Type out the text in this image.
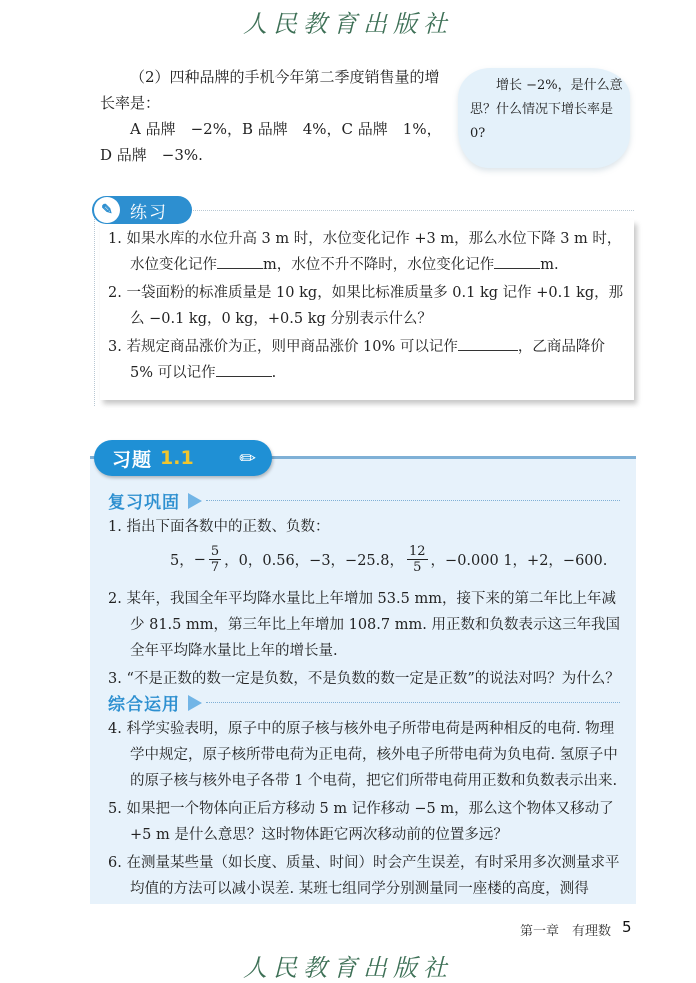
人民教育出版社

（2）四种品牌的手机今年第二季度销售量的增长率是：

A 品牌　−2%，B 品牌　4%，C 品牌　1%，D 品牌　−3%.

增长 −2%，是什么意思？什么情况下增长率是 0?
✎	练习

1. 如果水库的水位升高 3 m 时，水位变化记作 +3 m，那么水位下降 3 m 时，水位变化记作	m，水位不升不降时，水位变化记作	m.

2. 一袋面粉的标准质量是 10 kg，如果比标准质量多 0.1 kg 记作 +0.1 kg，那么 −0.1 kg，0 kg，+0.5 kg 分别表示什么？

3. 若规定商品涨价为正，则甲商品涨价 10% 可以记作	，乙商品降价 5% 可以记作	.

习题 1.1 ✏
复习巩固

1. 指出下面各数中的正数、负数：

5， − $\frac{5}{7}$ ，0，0.56，−3，−25.8， $\frac{12}{5}$ ，−0.000 1，+2，−600.

2. 某年，我国全年平均降水量比上年增加 53.5 mm，接下来的第二年比上年减少 81.5 mm，第三年比上年增加 108.7 mm. 用正数和负数表示这三年我国全年平均降水量比上年的增长量.

3. “不是正数的数一定是负数，不是负数的数一定是正数”的说法对吗？为什么？

综合运用

4. 科学实验表明，原子中的原子核与核外电子所带电荷是两种相反的电荷. 物理学中规定，原子核所带电荷为正电荷，核外电子所带电荷为负电荷. 氢原子中的原子核与核外电子各带 1 个电荷，把它们所带电荷用正数和负数表示出来.

5. 如果把一个物体向正后方移动 5 m 记作移动 −5 m，那么这个物体又移动了 +5 m 是什么意思？这时物体距它两次移动前的位置多远？

6. 在测量某些量（如长度、质量、时间）时会产生误差，有时采用多次测量求平均值的方法可以减小误差. 某班七组同学分别测量同一座楼的高度，测得

第一章　有理数 5
人民教育出版社
